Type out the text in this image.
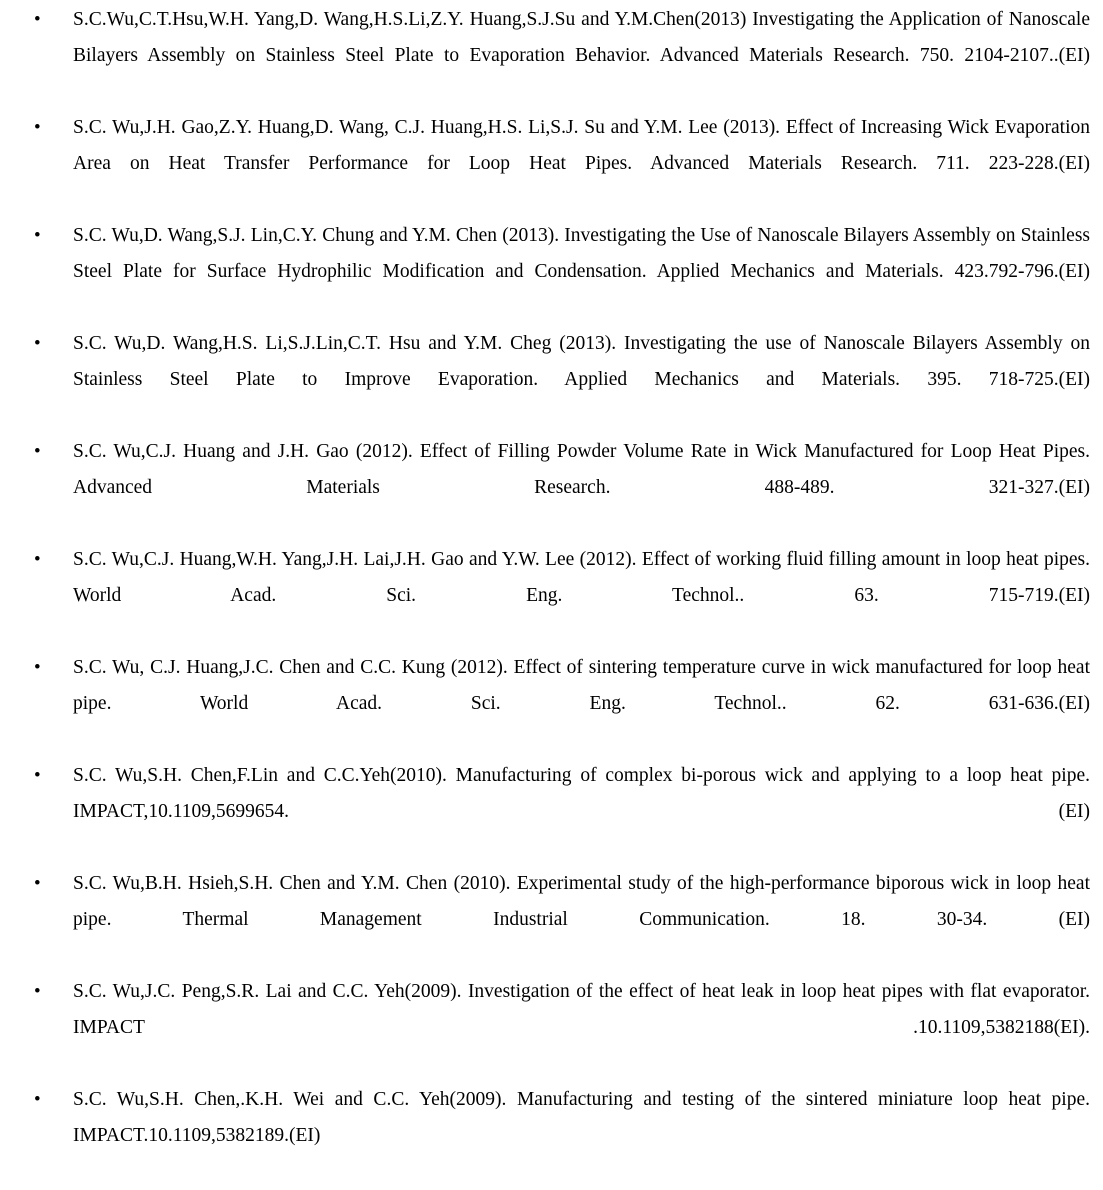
• S.C.Wu,C.T.Hsu,W.H. Yang,D. Wang,H.S.Li,Z.Y. Huang,S.J.Su and Y.M.Chen(2013) Investigating the Application of Nanoscale Bilayers Assembly on Stainless Steel Plate to Evaporation Behavior. Advanced Materials Research. 750. 2104-2107..(EI)
• S.C. Wu,J.H. Gao,Z.Y. Huang,D. Wang, C.J. Huang,H.S. Li,S.J. Su and Y.M. Lee (2013). Effect of Increasing Wick Evaporation Area on Heat Transfer Performance for Loop Heat Pipes. Advanced Materials Research. 711. 223-228.(EI)
• S.C. Wu,D. Wang,S.J. Lin,C.Y. Chung and Y.M. Chen (2013). Investigating the Use of Nanoscale Bilayers Assembly on Stainless Steel Plate for Surface Hydrophilic Modification and Condensation. Applied Mechanics and Materials. 423.792-796.(EI)
• S.C. Wu,D. Wang,H.S. Li,S.J.Lin,C.T. Hsu and Y.M. Cheg (2013). Investigating the use of Nanoscale Bilayers Assembly on Stainless Steel Plate to Improve Evaporation. Applied Mechanics and Materials. 395. 718-725.(EI)
• S.C. Wu,C.J. Huang and J.H. Gao (2012). Effect of Filling Powder Volume Rate in Wick Manufactured for Loop Heat Pipes. Advanced Materials Research. 488-489. 321-327.(EI)
• S.C. Wu,C.J. Huang,W.H. Yang,J.H. Lai,J.H. Gao and Y.W. Lee (2012). Effect of working fluid filling amount in loop heat pipes. World Acad. Sci. Eng. Technol.. 63. 715-719.(EI)
• S.C. Wu, C.J. Huang,J.C. Chen and C.C. Kung (2012). Effect of sintering temperature curve in wick manufactured for loop heat pipe. World Acad. Sci. Eng. Technol.. 62. 631-636.(EI)
• S.C. Wu,S.H. Chen,F.Lin and C.C.Yeh(2010). Manufacturing of complex bi-porous wick and applying to a loop heat pipe. IMPACT,10.1109,5699654. (EI)
• S.C. Wu,B.H. Hsieh,S.H. Chen and Y.M. Chen (2010). Experimental study of the high-performance biporous wick in loop heat pipe. Thermal Management Industrial Communication. 18. 30-34. (EI)
• S.C. Wu,J.C. Peng,S.R. Lai and C.C. Yeh(2009). Investigation of the effect of heat leak in loop heat pipes with flat evaporator. IMPACT .10.1109,5382188(EI).
• S.C. Wu,S.H. Chen,.K.H. Wei and C.C. Yeh(2009). Manufacturing and testing of the sintered miniature loop heat pipe. IMPACT.10.1109,5382189.(EI)
